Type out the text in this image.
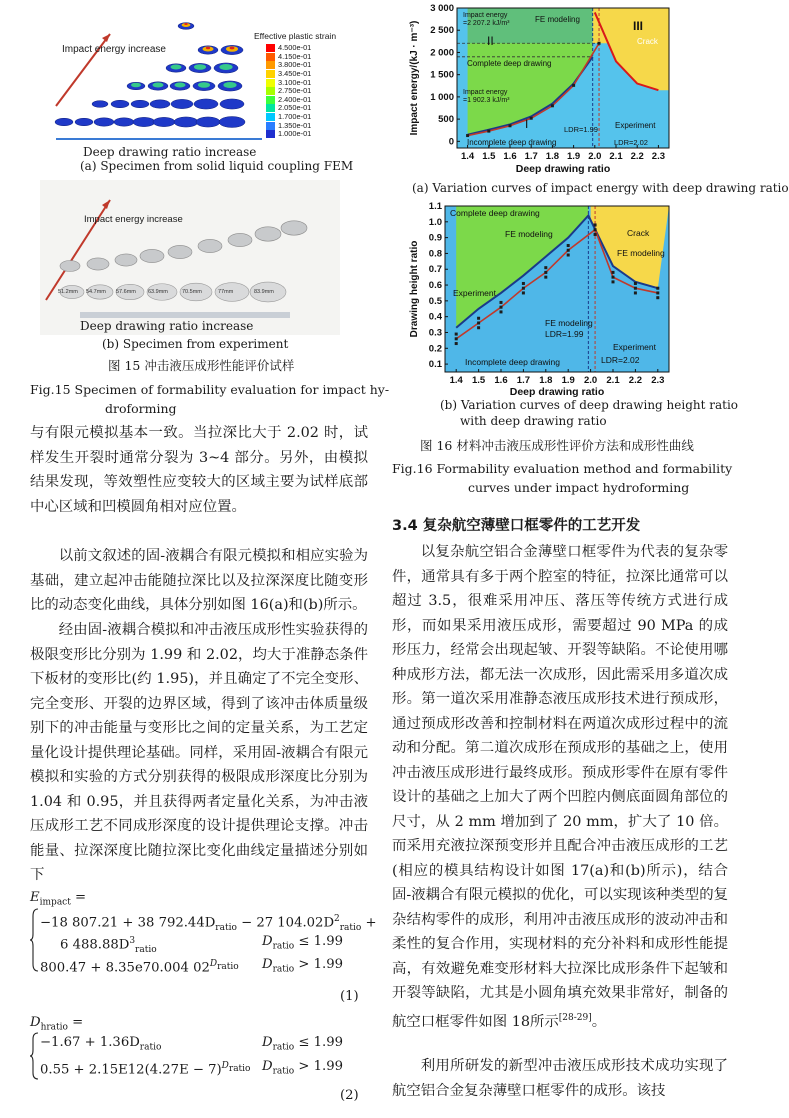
Impact energy increase
Effective plastic strain
4.500e-01
4.150e-01
3.800e-01
3.450e-01
3.100e-01
2.750e-01
2.400e-01
2.050e-01
1.700e-01
1.350e-01
1.000e-01
Deep drawing ratio increase
(a) Specimen from solid liquid coupling FEM
Impact energy increase
51.2mm 54.7mm 57.6mm 63.9mm	70.5mm	77mm	83.9mm
Deep drawing ratio increase
(b) Specimen from experiment
图 15 冲击液压成形性能评价试样
Fig.15 Specimen of formability evaluation for impact hy-
droforming
1.4 1.5 1.6 1.7 1.8 1.9 2.0 2.1 2.2 2.3
0
500
1 000
1 500
2 000
2 500
3 000
Deep drawing ratio
Impact energy/(kJ · m⁻³)
Impact energy
=2 207.2 kJ/m³
Impact energy
=1 902.3 kJ/m³
FE modeling
II
III
I
Complete deep drawing
Incomplete deep drawing
Crack
LDR=1.99
LDR=2.02
Experiment
(a) Variation curves of impact energy with deep drawing ratio
1.4 1.5 1.6 1.7 1.8 1.9 2.0 2.1 2.2 2.3
0.1
0.2
0.3
0.4
0.5
0.6
0.7
0.8
0.9
1.0
1.1
Deep drawing ratio
Drawing height ratio
Complete deep drawing
FE modeling	Crack
FE modeling
Experiment
FE modeling
LDR=1.99
Experiment
LDR=2.02
Incomplete deep drawing
(b) Variation curves of deep drawing height ratio
with deep drawing ratio
图 16 材料冲击液压成形性评价方法和成形性曲线
Fig.16 Formability evaluation method and formability
curves under impact hydroforming

与有限元模拟基本一致。当拉深比大于 2.02 时，试样发生开裂时通常分裂为 3~4 部分。另外，由模拟结果发现，等效塑性应变较大的区域主要为试样底部中心区域和凹模圆角相对应位置。

以前文叙述的固-液耦合有限元模拟和相应实验为基础，建立起冲击能随拉深比以及拉深深度比随变形比的动态变化曲线，具体分别如图 16(a)和(b)所示。

经由固-液耦合模拟和冲击液压成形性实验获得的极限变形比分别为 1.99 和 2.02，均大于准静态条件下板材的变形比(约 1.95)，并且确定了不完全变形、完全变形、开裂的边界区域，得到了该冲击体质量级别下的冲击能量与变形比之间的定量关系，为工艺定量化设计提供理论基础。同样，采用固-液耦合有限元模拟和实验的方式分别获得的极限成形深度比分别为 1.04 和 0.95，并且获得两者定量化关系，为冲击液压成形工艺不同成形深度的设计提供理论支撑。冲击能量、拉深深度比随拉深比变化曲线定量描述分别如下

$E_{impact}$ =
−18 807.21 + 38 $792.44D_{ratio} - 27$ $104.02D^2_{ratio}$ +
6 $488.88D^3_{ratio}$
$D_{ratio} \le 1.99$
800.47 + 8.35e70.004 $02^{D_{ratio}}$ $D_{ratio} > 1.99$
(1)
$D_{hratio}$ =
$-1.67 + 1.36D_{ratio}$	$D_{ratio} \le 1.99$
$0.55 + 2.15E12(4.27E - 7)^{D_{ratio}}$ $D_{ratio} > 1.99$
(2)
3.4 复杂航空薄壁口框零件的工艺开发

以复杂航空铝合金薄壁口框零件为代表的复杂零件，通常具有多于两个腔室的特征，拉深比通常可以超过 3.5，很难采用冲压、落压等传统方式进行成形，而如果采用液压成形，需要超过 90 MPa 的成形压力，经常会出现起皱、开裂等缺陷。不论使用哪种成形方法，都无法一次成形，因此需采用多道次成形。第一道次采用准静态液压成形技术进行预成形，通过预成形改善和控制材料在两道次成形过程中的流动和分配。第二道次成形在预成形的基础之上，使用冲击液压成形进行最终成形。预成形零件在原有零件设计的基础之上加大了两个凹腔内侧底面圆角部位的尺寸，从 2 mm 增加到了 20 mm，扩大了 10 倍。而采用充液拉深预变形并且配合冲击液压成形的工艺(相应的模具结构设计如图 17(a)和(b)所示)，结合固-液耦合有限元模拟的优化，可以实现该种类型的复杂结构零件的成形，利用冲击液压成形的波动冲击和柔性的复合作用，实现材料的充分补料和成形性能提高，有效避免难变形材料大拉深比成形条件下起皱和开裂等缺陷，尤其是小圆角填充效果非常好，制备的航空口框零件如图 18所示[28-29]。

利用所研发的新型冲击液压成形技术成功实现了航空铝合金复杂薄壁口框零件的成形。该技
